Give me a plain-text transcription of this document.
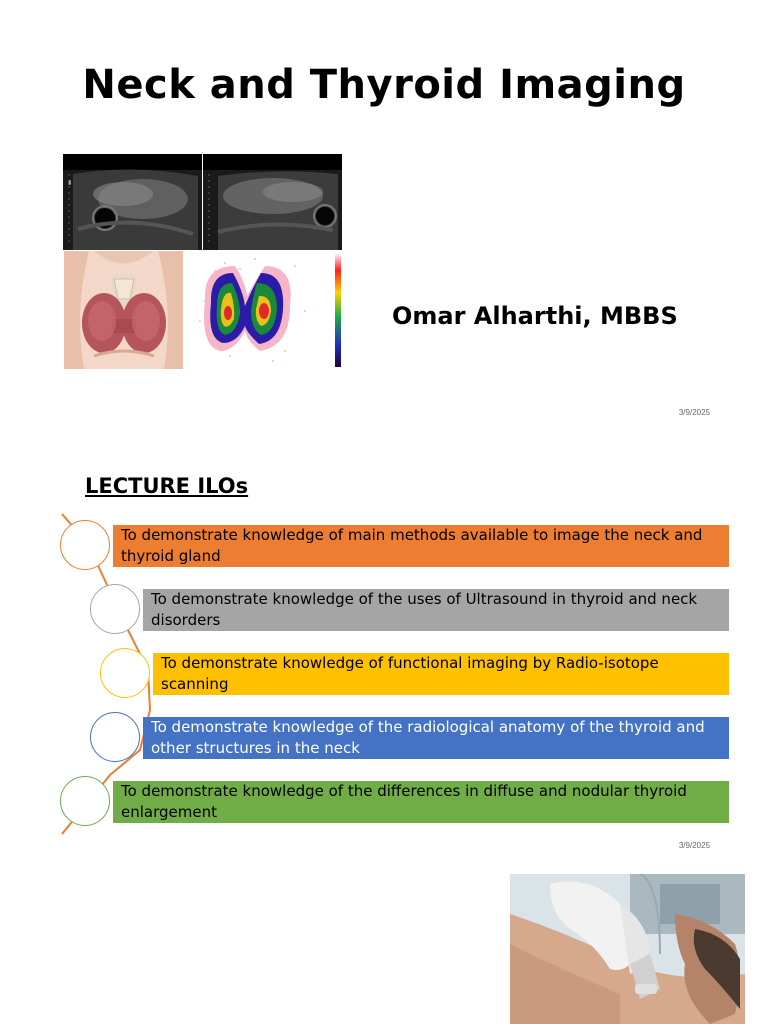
Neck and Thyroid Imaging
▮
Omar Alharthi, MBBS
3/9/2025
LECTURE ILOs
To demonstrate knowledge of main methods available to image the neck and thyroid gland
To demonstrate knowledge of the uses of Ultrasound in thyroid and neck disorders
To demonstrate knowledge of functional imaging by Radio-isotope scanning
To demonstrate knowledge of the radiological anatomy of the thyroid and other structures in the neck
To demonstrate knowledge of the differences in diffuse and nodular thyroid enlargement
3/9/2025
